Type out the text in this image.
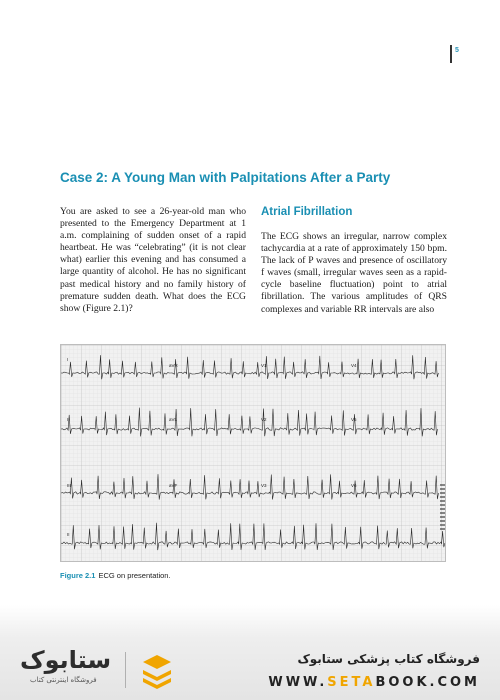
5
Case 2: A Young Man with Palpitations After a Party

You are asked to see a 26-year-old man who presented to the Emergency Department at 1 a.m. complaining of sudden onset of a rapid heartbeat. He was “celebrating” (it is not clear what) earlier this evening and has consumed a large quantity of alcohol. He has no significant past medical history and no family history of premature sudden death. What does the ECG show (Figure 2.1)?

Atrial Fibrillation

The ECG shows an irregular, narrow complex tachycardia at a rate of approximately 150 bpm. The lack of P waves and presence of oscillatory f waves (small, irregular waves seen as a rapid-cycle baseline fluctuation) point to atrial fibrillation. The various amplitudes of QRS complexes and variable RR intervals are also

I
aVR	V1	V4
II	aVL	V2	V5
III	aVF	V3	V6
II
Figure 2.1 ECG on presentation.
ستابوک
فروشگاه اینترنتی کتاب
فروشگاه کتاب پزشکی ستابوک
WWW.SETABOOK.COM
